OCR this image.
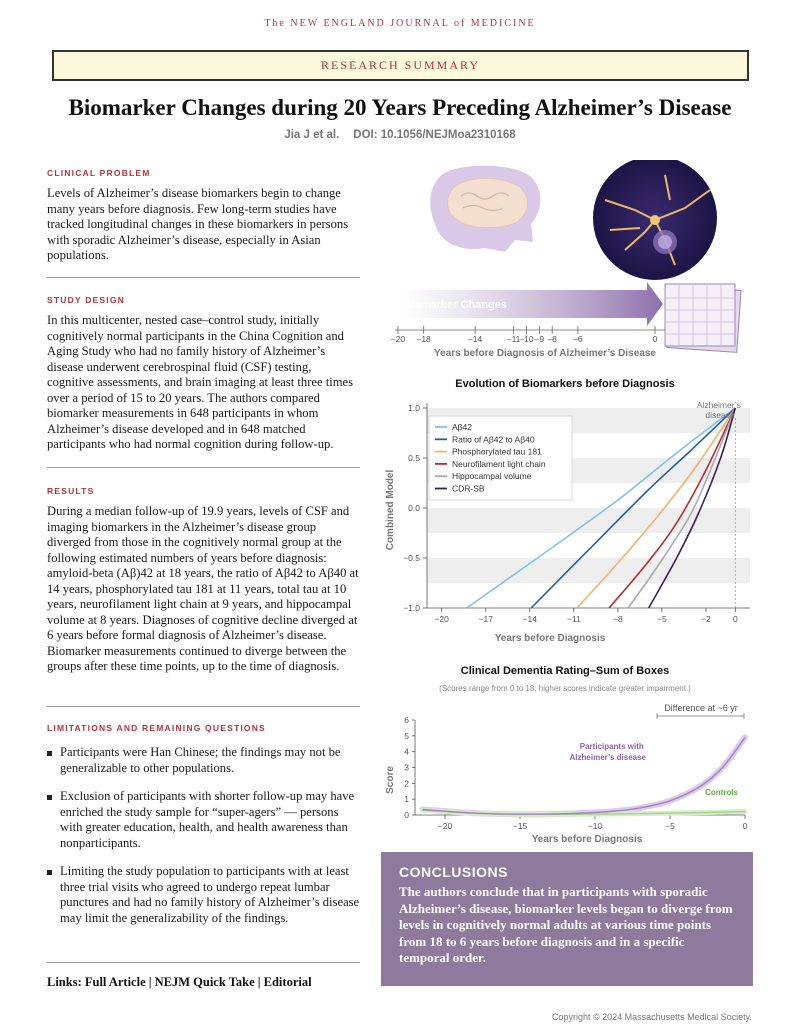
The NEW ENGLAND JOURNAL of MEDICINE
RESEARCH SUMMARY
Biomarker Changes during 20 Years Preceding Alzheimer’s Disease
Jia J et al. DOI: 10.1056/NEJMoa2310168
CLINICAL PROBLEM

Levels of Alzheimer’s disease biomarkers begin to change many years before diagnosis. Few long-term studies have tracked longitudinal changes in these biomarkers in persons with sporadic Alzheimer’s disease, especially in Asian populations.

STUDY DESIGN

In this multicenter, nested case–control study, initially cognitively normal participants in the China Cognition and Aging Study who had no family history of Alzheimer’s disease underwent cerebrospinal fluid (CSF) testing, cognitive assessments, and brain imaging at least three times over a period of 15 to 20 years. The authors compared biomarker measurements in 648 participants in whom Alzheimer’s disease developed and in 648 matched participants who had normal cognition during follow-up.

RESULTS

During a median follow-up of 19.9 years, levels of CSF and imaging biomarkers in the Alzheimer’s disease group diverged from those in the cognitively normal group at the following estimated numbers of years before diagnosis: amyloid-beta (Aβ)42 at 18 years, the ratio of Aβ42 to Aβ40 at 14 years, phosphorylated tau 181 at 11 years, total tau at 10 years, neurofilament light chain at 9 years, and hippocampal volume at 8 years. Diagnoses of cognitive decline diverged at 6 years before formal diagnosis of Alzheimer’s disease. Biomarker measurements continued to diverge between the groups after these time points, up to the time of diagnosis.

LIMITATIONS AND REMAINING QUESTIONS
Participants were Han Chinese; the findings may not be generalizable to other populations.
Exclusion of participants with shorter follow-up may have enriched the study sample for “super-agers” — persons with greater education, health, and health awareness than nonparticipants.
Limiting the study population to participants with at least three trial visits who agreed to undergo repeat lumbar punctures and had no family history of Alzheimer’s disease may limit the generalizability of the findings.
Links: Full Article | NEJM Quick Take | Editorial
Biomarker Changes
–20 –18	–14	–11
–10 –9 –8 –6	0
Years before Diagnosis of Alzheimer’s Disease
Evolution of Biomarkers before Diagnosis
−1.0
−0.5
0.0
0.5
1.0
−20	−17	−14	−11	−8	−5	−2	0
Alzheimer’s disease
Aβ42
Ratio of Aβ42 to Aβ40
Phosphorylated tau 181
Neurofilament light chain
Hippocampal volume
CDR-SB
Combined Model
Years before Diagnosis
Clinical Dementia Rating–Sum of Boxes
(Scores range from 0 to 18; higher scores indicate greater impairment.)
0
1
2
3
4
5
6
−20	−15	−10	−5	0
Difference at ~6 yr
Participants with Alzheimer’s disease
Controls
Score
Years before Diagnosis
CONCLUSIONS
The authors conclude that in participants with sporadic Alzheimer’s disease, biomarker levels began to diverge from levels in cognitively normal adults at various time points from 18 to 6 years before diagnosis and in a specific temporal order.
Copyright © 2024 Massachusetts Medical Society.
